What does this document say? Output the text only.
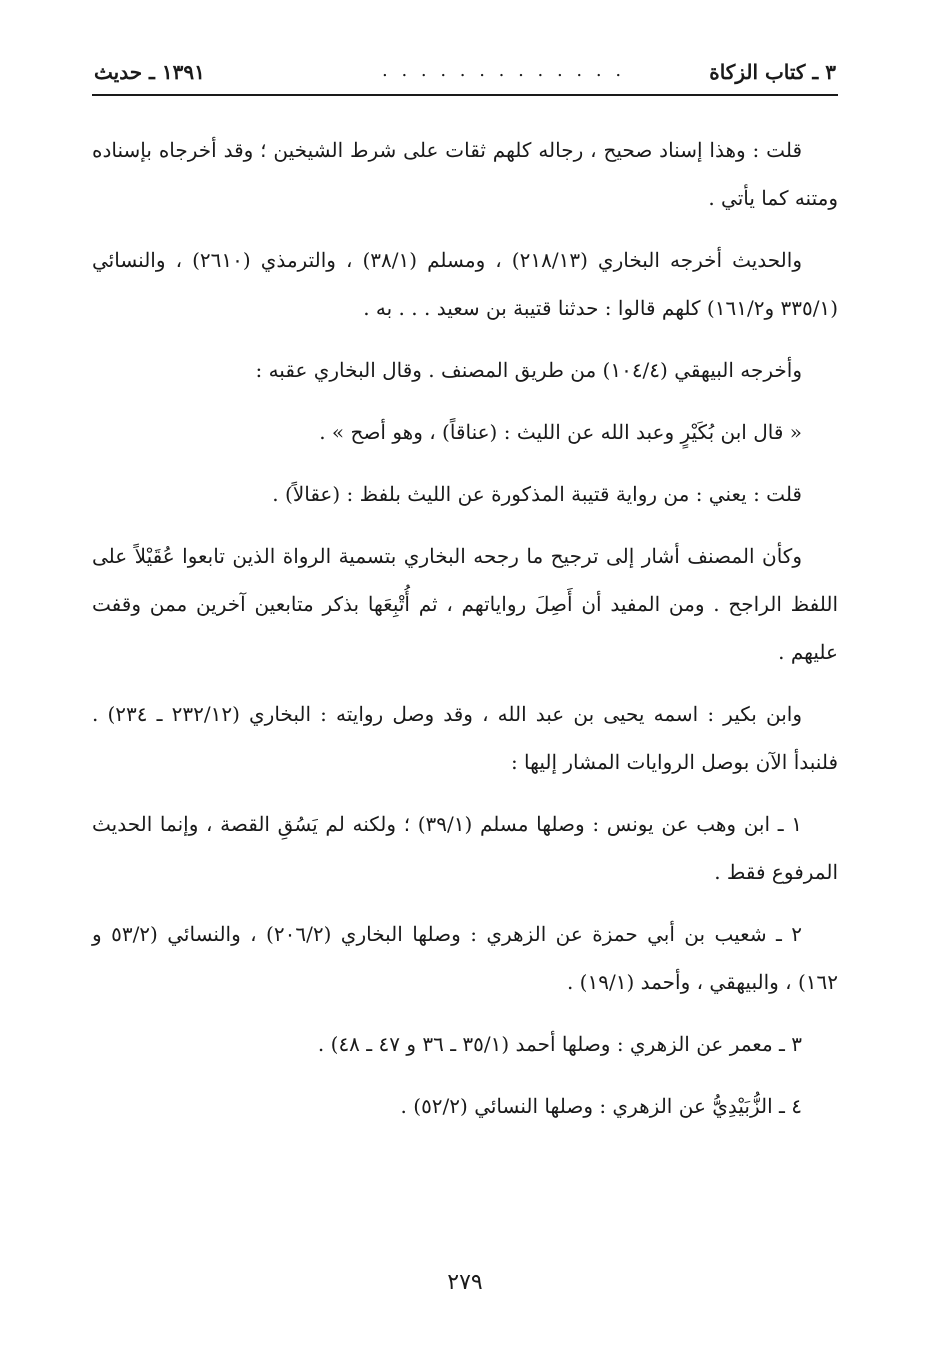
٣ ـ كتاب الزكاة
. . . . . . . . . . . . .
١٣٩١ ـ حديث

قلت : وهذا إسناد صحيح ، رجاله كلهم ثقات على شرط الشيخين ؛ وقد أخرجاه بإسناده ومتنه كما يأتي .

والحديث أخرجه البخاري (٢١٨/١٣) ، ومسلم (٣٨/١) ، والترمذي (٢٦١٠) ، والنسائي (٣٣٥/١ و١٦١/٢) كلهم قالوا : حدثنا قتيبة بن سعيد . . . به .

وأخرجه البيهقي (١٠٤/٤) من طريق المصنف . وقال البخاري عقبه :

« قال ابن بُكَيْرٍ وعبد الله عن الليث : (عناقاً) ، وهو أصح » .

قلت : يعني : من رواية قتيبة المذكورة عن الليث بلفظ : (عقالاً) .

وكأن المصنف أشار إلى ترجيح ما رجحه البخاري بتسمية الرواة الذين تابعوا عُقَيْلاً على اللفظ الراجح . ومن المفيد أن أَصِلَ رواياتهم ، ثم أُتْبِعَها بذكر متابعين آخرين ممن وقفت عليهم .

وابن بكير : اسمه يحيى بن عبد الله ، وقد وصل روايته : البخاري (٢٣٢/١٢ ـ ٢٣٤) . فلنبدأ الآن بوصل الروايات المشار إليها :

١ ـ ابن وهب عن يونس : وصلها مسلم (٣٩/١) ؛ ولكنه لم يَسُقِ القصة ، وإنما الحديث المرفوع فقط .

٢ ـ شعيب بن أبي حمزة عن الزهري : وصلها البخاري (٢٠٦/٢) ، والنسائي (٥٣/٢ و ١٦٢) ، والبيهقي ، وأحمد (١٩/١) .

٣ ـ معمر عن الزهري : وصلها أحمد (٣٥/١ ـ ٣٦ و ٤٧ ـ ٤٨) .

٤ ـ الزُّبَيْدِيُّ عن الزهري : وصلها النسائي (٥٢/٢) .

٢٧٩
